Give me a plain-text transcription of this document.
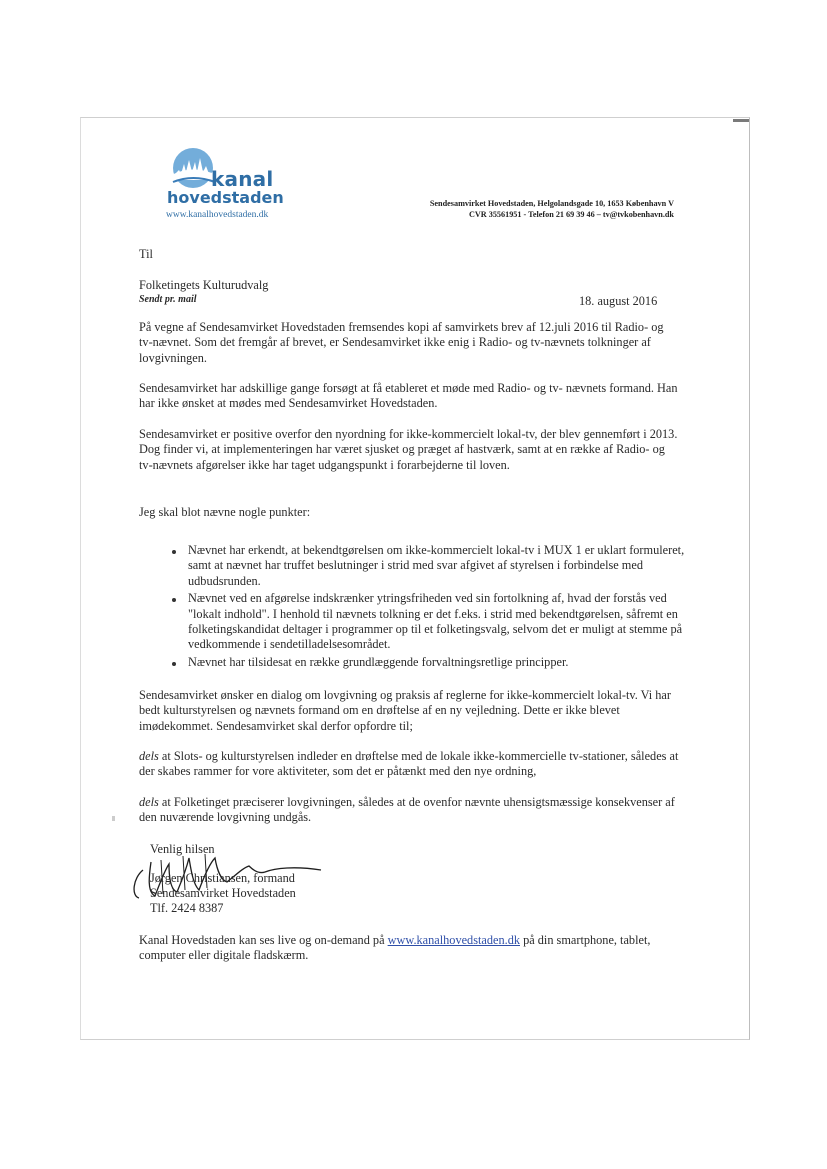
kanal
hovedstaden
www.kanalhovedstaden.dk
Sendesamvirket Hovedstaden, Helgolandsgade 10, 1653 København V
CVR 35561951 - Telefon 21 69 39 46 – tv@tvkobenhavn.dk
Til
Folketingets Kulturudvalg
Sendt pr. mail	18. august 2016

På vegne af Sendesamvirket Hovedstaden fremsendes kopi af samvirkets brev af 12.juli 2016 til Radio- og tv-nævnet. Som det fremgår af brevet, er Sendesamvirket ikke enig i Radio- og tv-nævnets tolkninger af lovgivningen.

Sendesamvirket har adskillige gange forsøgt at få etableret et møde med Radio- og tv- nævnets formand. Han har ikke ønsket at mødes med Sendesamvirket Hovedstaden.

Sendesamvirket er positive overfor den nyordning for ikke-kommercielt lokal-tv, der blev gennemført i 2013. Dog finder vi, at implementeringen har været sjusket og præget af hastværk, samt at en række af Radio- og tv-nævnets afgørelser ikke har taget udgangspunkt i forarbejderne til loven.

Jeg skal blot nævne nogle punkter:

Nævnet har erkendt, at bekendtgørelsen om ikke-kommercielt lokal-tv i MUX 1 er uklart formuleret, samt at nævnet har truffet beslutninger i strid med svar afgivet af styrelsen i forbindelse med udbudsrunden.
Nævnet ved en afgørelse indskrænker ytringsfriheden ved sin fortolkning af, hvad der forstås ved "lokalt indhold". I henhold til nævnets tolkning er det f.eks. i strid med bekendtgørelsen, såfremt en folketingskandidat deltager i programmer op til et folketingsvalg, selvom det er muligt at stemme på vedkommende i sendetilladelsesområdet.
Nævnet har tilsidesat en række grundlæggende forvaltningsretlige principper.

Sendesamvirket ønsker en dialog om lovgivning og praksis af reglerne for ikke-kommercielt lokal-tv. Vi har bedt kulturstyrelsen og nævnets formand om en drøftelse af en ny vejledning. Dette er ikke blevet imødekommet. Sendesamvirket skal derfor opfordre til;

dels at Slots- og kulturstyrelsen indleder en drøftelse med de lokale ikke-kommercielle tv-stationer, således at der skabes rammer for vore aktiviteter, som det er påtænkt med den nye ordning,

dels at Folketinget præciserer lovgivningen, således at de ovenfor nævnte uhensigtsmæssige konsekvenser af den nuværende lovgivning undgås.

Venlig hilsen
Jørgen Christiansen, formand
Sendesamvirket Hovedstaden
Tlf. 2424 8387

Kanal Hovedstaden kan ses live og on-demand på www.kanalhovedstaden.dk på din smartphone, tablet, computer eller digitale fladskærm.
